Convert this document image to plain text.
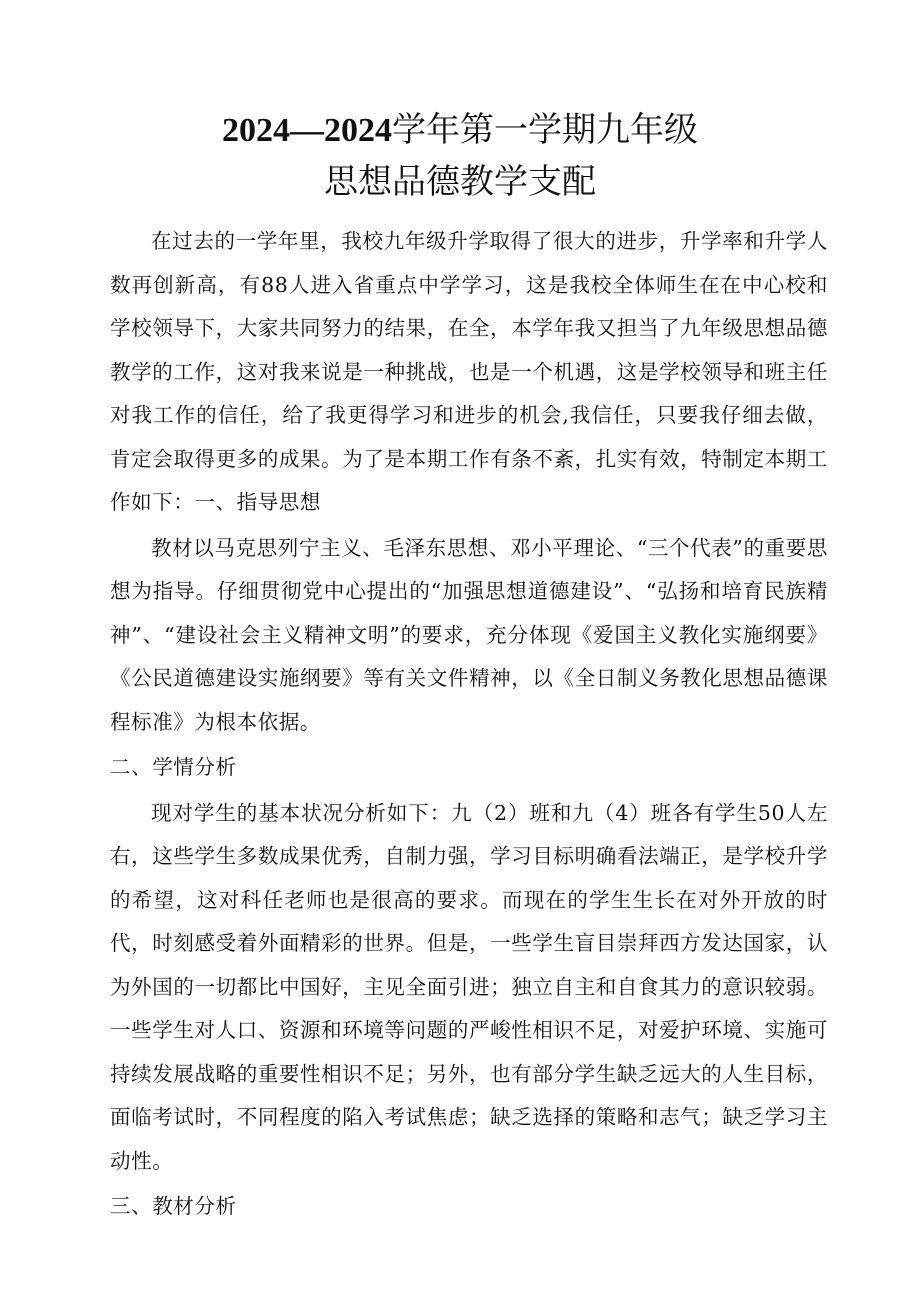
2024—2024学年第一学期九年级
思想品德教学支配

在过去的一学年里，我校九年级升学取得了很大的进步，升学率和升学人数再创新高，有88人进入省重点中学学习，这是我校全体师生在在中心校和学校领导下，大家共同努力的结果，在全，本学年我又担当了九年级思想品德教学的工作，这对我来说是一种挑战，也是一个机遇，这是学校领导和班主任对我工作的信任，给了我更得学习和进步的机会,我信任，只要我仔细去做，肯定会取得更多的成果。为了是本期工作有条不紊，扎实有效，特制定本期工作如下：一、指导思想

教材以马克思列宁主义、毛泽东思想、邓小平理论、“三个代表”的重要思想为指导。仔细贯彻党中心提出的“加强思想道德建设”、“弘扬和培育民族精神”、“建设社会主义精神文明”的要求，充分体现《爱国主义教化实施纲要》《公民道德建设实施纲要》等有关文件精神，以《全日制义务教化思想品德课程标准》为根本依据。

二、学情分析

现对学生的基本状况分析如下：九（2）班和九（4）班各有学生50人左右，这些学生多数成果优秀，自制力强，学习目标明确看法端正，是学校升学的希望，这对科任老师也是很高的要求。而现在的学生生长在对外开放的时代，时刻感受着外面精彩的世界。但是，一些学生盲目崇拜西方发达国家，认为外国的一切都比中国好，主见全面引进；独立自主和自食其力的意识较弱。一些学生对人口、资源和环境等问题的严峻性相识不足，对爱护环境、实施可持续发展战略的重要性相识不足；另外，也有部分学生缺乏远大的人生目标，面临考试时，不同程度的陷入考试焦虑；缺乏选择的策略和志气；缺乏学习主动性。

三、教材分析
